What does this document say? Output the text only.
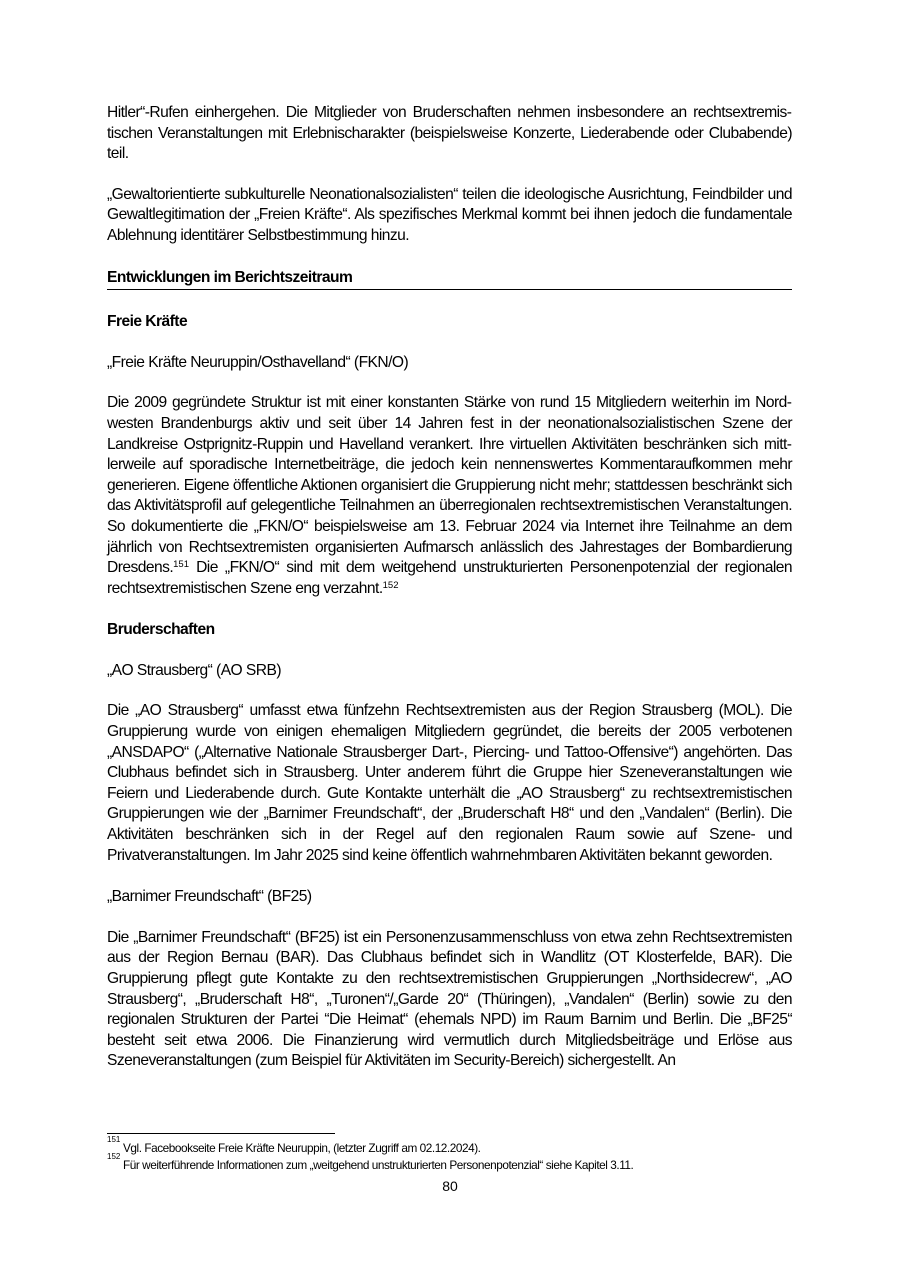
Hitler“-Rufen einhergehen. Die Mitglieder von Bruderschaften nehmen insbesondere an rechtsextremistischen Veranstaltungen mit Erlebnischarakter (beispielsweise Konzerte, Liederabende oder Clubabende) teil.

„Gewaltorientierte subkulturelle Neonationalsozialisten“ teilen die ideologische Ausrichtung, Feindbilder und Gewaltlegitimation der „Freien Kräfte“. Als spezifisches Merkmal kommt bei ihnen jedoch die fundamentale Ablehnung identitärer Selbstbestimmung hinzu.

Entwicklungen im Berichtszeitraum
Freie Kräfte
„Freie Kräfte Neuruppin/Osthavelland“ (FKN/O)

Die 2009 gegründete Struktur ist mit einer konstanten Stärke von rund 15 Mitgliedern weiterhin im Nordwesten Brandenburgs aktiv und seit über 14 Jahren fest in der neonationalsozialistischen Szene der Landkreise Ostprignitz-Ruppin und Havelland verankert. Ihre virtuellen Aktivitäten beschränken sich mittlerweile auf sporadische Internetbeiträge, die jedoch kein nennenswertes Kommentaraufkommen mehr generieren. Eigene öffentliche Aktionen organisiert die Gruppierung nicht mehr; stattdessen beschränkt sich das Aktivitätsprofil auf gelegentliche Teilnahmen an überregionalen rechtsextremistischen Veranstaltungen. So dokumentierte die „FKN/O“ beispielsweise am 13. Februar 2024 via Internet ihre Teilnahme an dem jährlich von Rechtsextremisten organisierten Aufmarsch anlässlich des Jahrestages der Bombardierung Dresdens.$^{151}$ Die „FKN/O“ sind mit dem weitgehend unstrukturierten Personenpotenzial der regionalen rechtsextremistischen Szene eng verzahnt.$^{152}$

Bruderschaften
„AO Strausberg“ (AO SRB)

Die „AO Strausberg“ umfasst etwa fünfzehn Rechtsextremisten aus der Region Strausberg (MOL). Die Gruppierung wurde von einigen ehemaligen Mitgliedern gegründet, die bereits der 2005 verbotenen „ANSDAPO“ („Alternative Nationale Strausberger Dart-, Piercing- und Tattoo-Offensive“) angehörten. Das Clubhaus befindet sich in Strausberg. Unter anderem führt die Gruppe hier Szeneveranstaltungen wie Feiern und Liederabende durch. Gute Kontakte unterhält die „AO Strausberg“ zu rechtsextremistischen Gruppierungen wie der „Barnimer Freundschaft“, der „Bruderschaft H8“ und den „Vandalen“ (Berlin). Die Aktivitäten beschränken sich in der Regel auf den regionalen Raum sowie auf Szene- und Privatveranstaltungen. Im Jahr 2025 sind keine öffentlich wahrnehmbaren Aktivitäten bekannt geworden.

„Barnimer Freundschaft“ (BF25)

Die „Barnimer Freundschaft“ (BF25) ist ein Personenzusammenschluss von etwa zehn Rechtsextremisten aus der Region Bernau (BAR). Das Clubhaus befindet sich in Wandlitz (OT Klosterfelde, BAR). Die Gruppierung pflegt gute Kontakte zu den rechtsextremistischen Gruppierungen „Northsidecrew“, „AO Strausberg“, „Bruderschaft H8“, „Turonen“/„Garde 20“ (Thüringen), „Vandalen“ (Berlin) sowie zu den regionalen Strukturen der Partei “Die Heimat“ (ehemals NPD) im Raum Barnim und Berlin. Die „BF25“ besteht seit etwa 2006. Die Finanzierung wird vermutlich durch Mitgliedsbeiträge und Erlöse aus Szeneveranstaltungen (zum Beispiel für Aktivitäten im Security-Bereich) sichergestellt. An

151
Vgl. Facebookseite Freie Kräfte Neuruppin, (letzter Zugriff am 02.12.2024).
152
Für weiterführende Informationen zum „weitgehend unstrukturierten Personenpotenzial“ siehe Kapitel 3.11.
80
